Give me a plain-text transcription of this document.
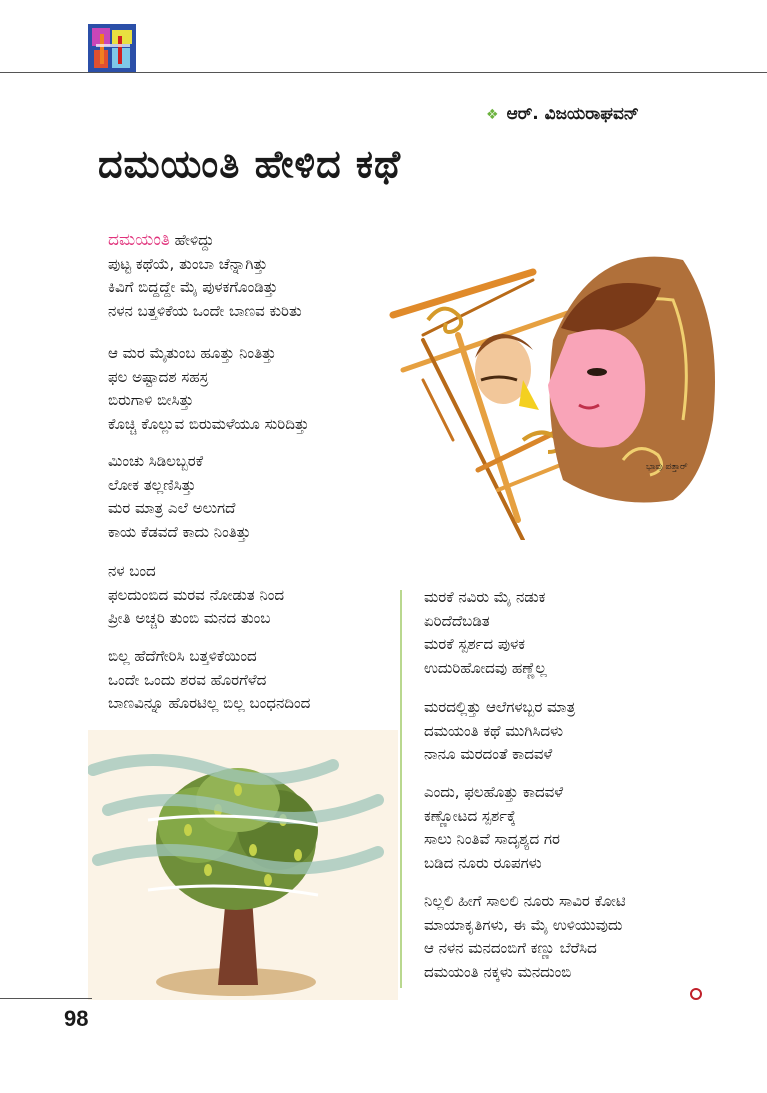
❖ ಆರ್. ವಿಜಯರಾಘವನ್
ದಮಯಂತಿ ಹೇಳಿದ ಕಥೆ
ದಮಯಂತಿ ಹೇಳಿದ್ದು
ಪುಟ್ಟ ಕಥೆಯೆ, ತುಂಬಾ ಚೆನ್ನಾಗಿತ್ತು
ಕಿವಿಗೆ ಬಿದ್ದದ್ದೇ ಮೈ ಪುಳಕಗೊಂಡಿತ್ತು
ನಳನ ಬತ್ತಳಿಕೆಯ ಒಂದೇ ಬಾಣವ ಕುರಿತು
ಆ ಮರ ಮೈತುಂಬ ಹೂತ್ತು ನಿಂತಿತ್ತು
ಫಲ ಅಷ್ಟಾದಶ ಸಹಸ್ರ
ಬಿರುಗಾಳಿ ಬೀಸಿತ್ತು
ಕೊಚ್ಚಿ ಕೊಲ್ಲುವ ಬಿರುಮಳೆಯೂ ಸುರಿದಿತ್ತು
ಮಿಂಚು ಸಿಡಿಲಬ್ಬರಕೆ
ಲೋಕ ತಲ್ಲಣಿಸಿತ್ತು
ಮರ ಮಾತ್ರ ಎಲೆ ಅಲುಗದೆ
ಕಾಯ ಕೆಡವದೆ ಕಾದು ನಿಂತಿತ್ತು
ನಳ ಬಂದ
ಫಲದುಂಬಿದ ಮರವ ನೋಡುತ ನಿಂದ
ಪ್ರೀತಿ ಅಚ್ಚರಿ ತುಂಬಿ ಮನದ ತುಂಬ
ಬಿಲ್ಲ ಹೆದೆಗೇರಿಸಿ ಬತ್ತಳಿಕೆಯಿಂದ
ಒಂದೇ ಒಂದು ಶರವ ಹೊರಗೆಳೆದ
ಬಾಣವಿನ್ನೂ ಹೊರಟಿಲ್ಲ ಬಿಲ್ಲ ಬಂಧನದಿಂದ
ಮರಕೆ ನವಿರು ಮೈ ನಡುಕ
ಏರಿದೆದೆಬಡಿತ
ಮರಕೆ ಸ್ಪರ್ಶದ ಪುಳಕ
ಉದುರಿಹೋದವು ಹಣ್ಣೆಲ್ಲ
ಮರದಲ್ಲಿತ್ತು ಆಲೆಗಳಬ್ಬರ ಮಾತ್ರ
ದಮಯಂತಿ ಕಥೆ ಮುಗಿಸಿದಳು
ನಾನೂ ಮರದಂತೆ ಕಾದವಳೆ
ಎಂದು, ಫಲಹೊತ್ತು ಕಾದವಳೆ
ಕಣ್ಣೋಟದ ಸ್ಪರ್ಶಕ್ಕೆ
ಸಾಲು ನಿಂತಿವೆ ಸಾದೃಶ್ಯದ ಗರ
ಬಡಿದ ನೂರು ರೂಪಗಳು
ನಿಲ್ಲಲಿ ಹೀಗೆ ಸಾಲಲಿ ನೂರು ಸಾವಿರ ಕೋಟಿ
ಮಾಯಾಕೃತಿಗಳು, ಈ ಮೈ ಉಳಿಯುವುದು
ಆ ನಳನ ಮನದಂಬಿಗೆ ಕಣ್ಣು ಬೆರೆಸಿದ
ದಮಯಂತಿ ನಕ್ಕಳು ಮನದುಂಬಿ
ಭಾವು ಪತ್ತಾರ್
98
